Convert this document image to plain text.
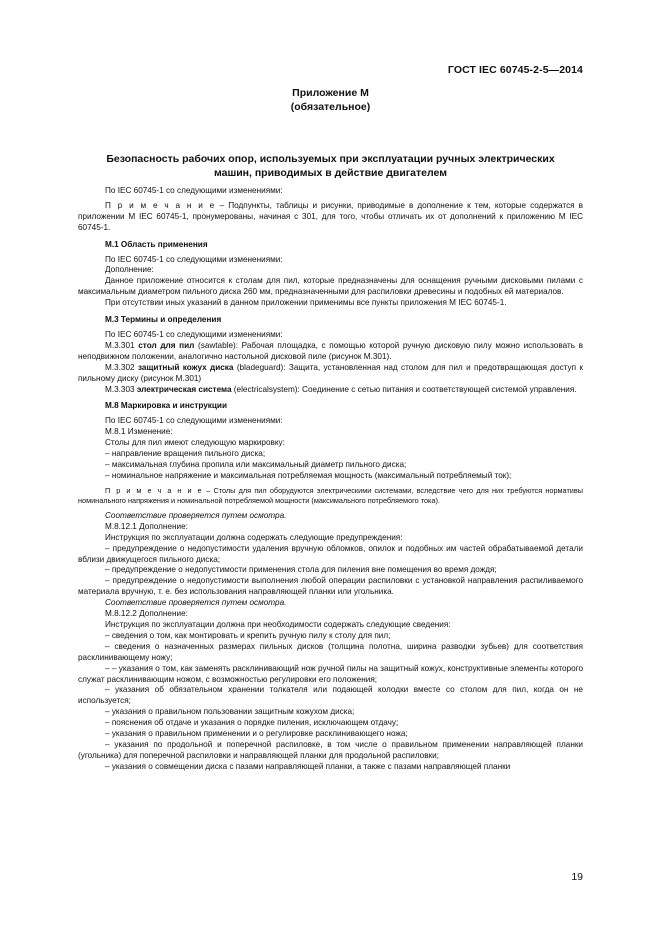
ГОСТ IEC 60745-2-5—2014
Приложение М
(обязательное)
Безопасность рабочих опор, используемых при эксплуатации ручных электрических
машин, приводимых в действие двигателем

По IEC 60745-1 со следующими изменениями:

П р и м е ч а н и е – Подпункты, таблицы и рисунки, приводимые в дополнение к тем, которые содержатся в приложении М IEC 60745-1, пронумерованы, начиная с 301, для того, чтобы отличать их от дополнений к приложению М IEC 60745-1.

М.1 Область применения

По IEC 60745-1 со следующими изменениями:

Дополнение:

Данное приложение относится к столам для пил, которые предназначены для оснащения ручными дисковыми пилами с максимальным диаметром пильного диска 260 мм, предназначенными для распиловки древесины и подобных ей материалов.

При отсутствии иных указаний в данном приложении применимы все пункты приложения М IEC 60745-1.

М.3 Термины и определения

По IEC 60745-1 со следующими изменениями:

М.3.301 стол для пил (sawtable): Рабочая площадка, с помощью которой ручную дисковую пилу можно использовать в неподвижном положении, аналогично настольной дисковой пиле (рисунок М.301).

М.3.302 защитный кожух диска (bladeguard): Защита, установленная над столом для пил и предотвращающая доступ к пильному диску (рисунок М.301)

М.3.303 электрическая система (electricalsystem): Соединение с сетью питания и соответствующей системой управления.

М.8 Маркировка и инструкции

По IEC 60745-1 со следующими изменениями:

М.8.1 Изменение:

Столы для пил имеют следующую маркировку:

– направление вращения пильного диска;

– максимальная глубина пропила или максимальный диаметр пильного диска;

– номинальное напряжение и максимальная потребляемая мощность (максимальный потребляемый ток);

П р и м е ч а н и е – Столы для пил оборудуются электрическими системами, вследствие чего для них требуются нормативы номинального напряжения и номинальной потребляемой мощности (максимального потребляемого тока).

Соответствие проверяется путем осмотра.

М.8.12.1 Дополнение:

Инструкция по эксплуатации должна содержать следующие предупреждения:

– предупреждение о недопустимости удаления вручную обломков, опилок и подобных им частей обрабатываемой детали вблизи движущегося пильного диска;

– предупреждение о недопустимости применения стола для пиления вне помещения во время дождя;

– предупреждение о недопустимости выполнения любой операции распиловки с установкой направления распиливаемого материала вручную, т. е. без использования направляющей планки или угольника.

Соответствие проверяется путем осмотра.

М.8.12.2 Дополнение:

Инструкция по эксплуатации должна при необходимости содержать следующие сведения:

– сведения о том, как монтировать и крепить ручную пилу к столу для пил;

– сведения о назначенных размерах пильных дисков (толщина полотна, ширина разводки зубьев) для соответствия расклинивающему ножу;

– – указания о том, как заменять расклинивающий нож ручной пилы на защитный кожух, конструктивные элементы которого служат расклинивающим ножом, с возможностью регулировки его положения;

– указания об обязательном хранении толкателя или подающей колодки вместе со столом для пил, когда он не используется;

– указания о правильном пользовании защитным кожухом диска;

– пояснения об отдаче и указания о порядке пиления, исключающем отдачу;

– указания о правильном применении и о регулировке расклинивающего ножа;

– указания по продольной и поперечной распиловке, в том числе о правильном применении направляющей планки (угольника) для поперечной распиловки и направляющей планки для продольной распиловки;

– указания о совмещении диска с пазами направляющей планки, а также с пазами направляющей планки

19
